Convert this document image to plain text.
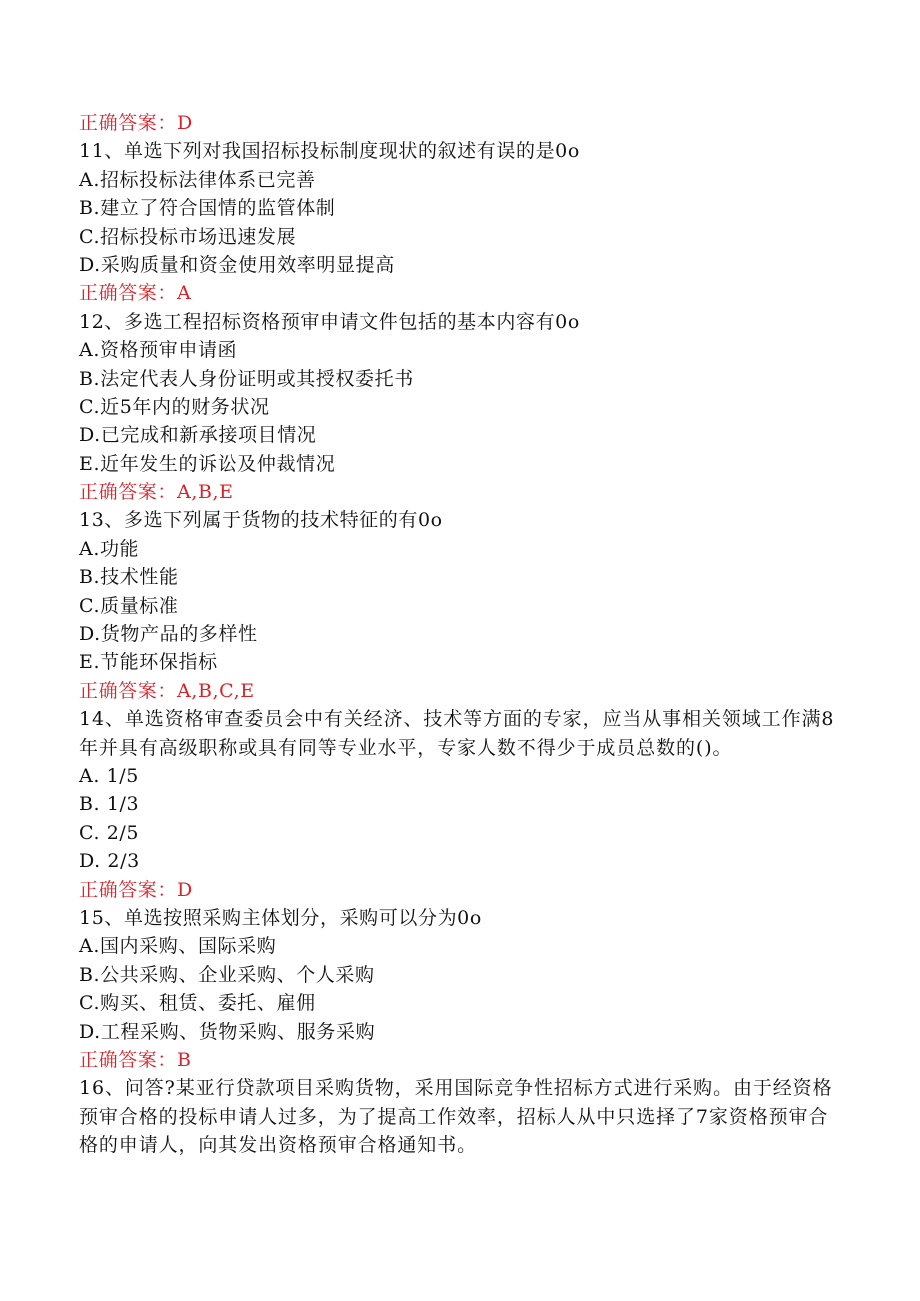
正确答案：D
11、单选下列对我国招标投标制度现状的叙述有误的是0o
A.招标投标法律体系已完善
B.建立了符合国情的监管体制
C.招标投标市场迅速发展
D.采购质量和资金使用效率明显提高
正确答案：A
12、多选工程招标资格预审申请文件包括的基本内容有0o
A.资格预审申请函
B.法定代表人身份证明或其授权委托书
C.近5年内的财务状况
D.已完成和新承接项目情况
E.近年发生的诉讼及仲裁情况
正确答案：A,B,E
13、多选下列属于货物的技术特征的有0o
A.功能
B.技术性能
C.质量标准
D.货物产品的多样性
E.节能环保指标
正确答案：A,B,C,E
14、单选资格审查委员会中有关经济、技术等方面的专家，应当从事相关领域工作满8年并具有高级职称或具有同等专业水平，专家人数不得少于成员总数的()。
A. 1/5
B. 1/3
C. 2/5
D. 2/3
正确答案：D
15、单选按照采购主体划分，采购可以分为0o
A.国内采购、国际采购
B.公共采购、企业采购、个人采购
C.购买、租赁、委托、雇佣
D.工程采购、货物采购、服务采购
正确答案：B
16、问答?某亚行贷款项目采购货物，采用国际竞争性招标方式进行采购。由于经资格预审合格的投标申请人过多，为了提高工作效率，招标人从中只选择了7家资格预审合格的申请人，向其发出资格预审合格通知书。
